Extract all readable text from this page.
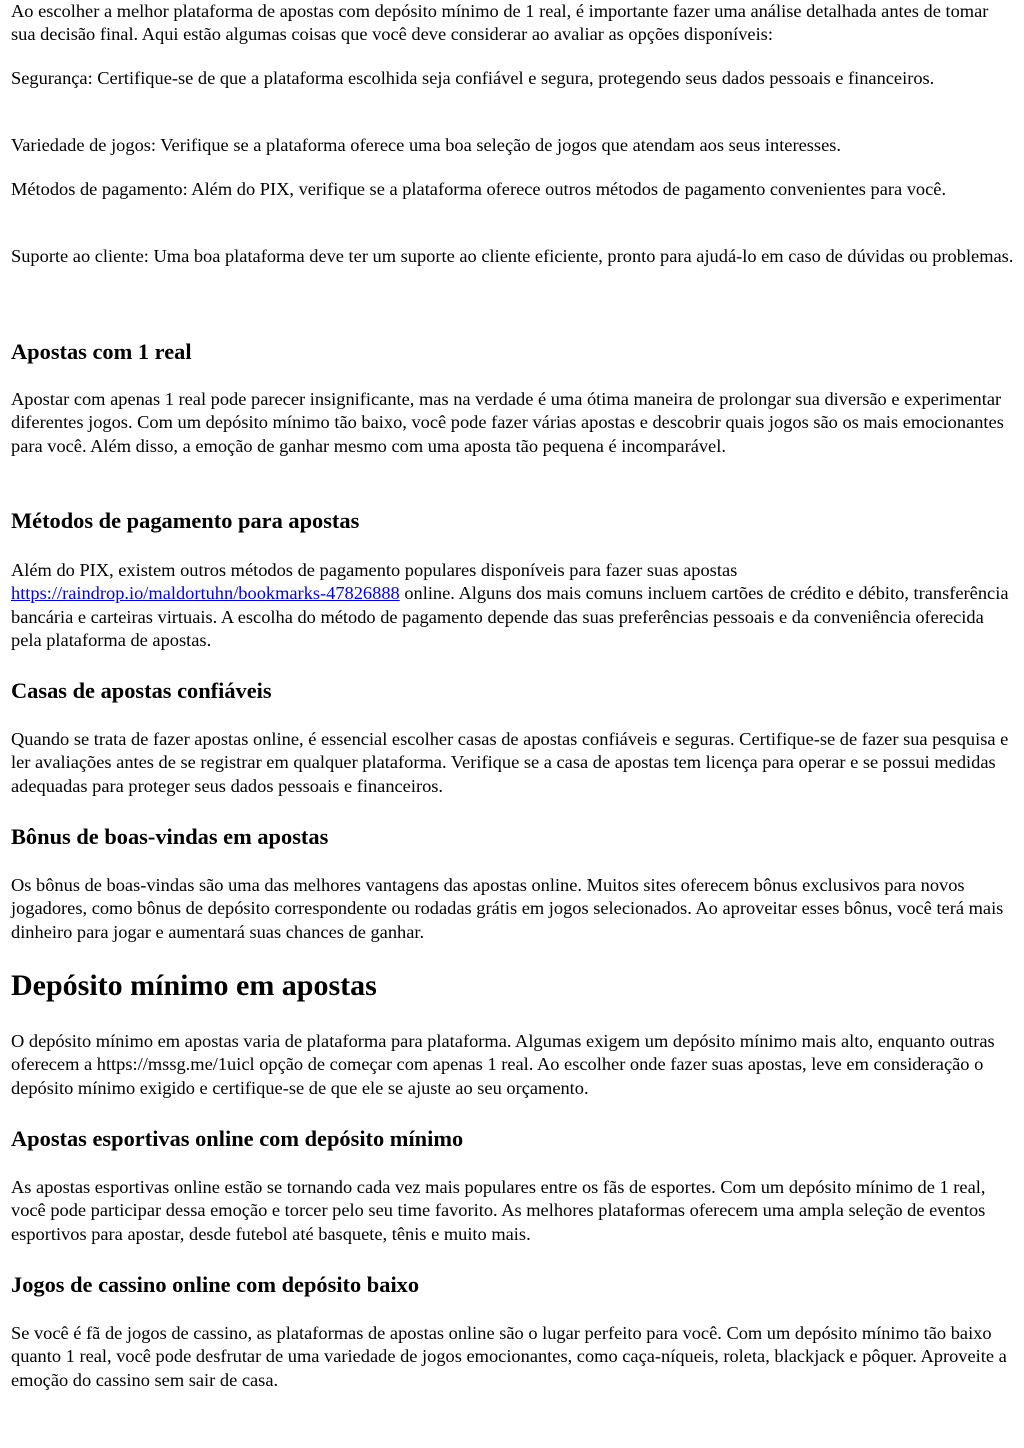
Ao escolher a melhor plataforma de apostas com depósito mínimo de 1 real, é importante fazer uma análise detalhada antes de tomar sua decisão final. Aqui estão algumas coisas que você deve considerar ao avaliar as opções disponíveis:

Segurança: Certifique-se de que a plataforma escolhida seja confiável e segura, protegendo seus dados pessoais e financeiros.

Variedade de jogos: Verifique se a plataforma oferece uma boa seleção de jogos que atendam aos seus interesses.

Métodos de pagamento: Além do PIX, verifique se a plataforma oferece outros métodos de pagamento convenientes para você.

Suporte ao cliente: Uma boa plataforma deve ter um suporte ao cliente eficiente, pronto para ajudá-lo em caso de dúvidas ou problemas.

Apostas com 1 real

Apostar com apenas 1 real pode parecer insignificante, mas na verdade é uma ótima maneira de prolongar sua diversão e experimentar diferentes jogos. Com um depósito mínimo tão baixo, você pode fazer várias apostas e descobrir quais jogos são os mais emocionantes para você. Além disso, a emoção de ganhar mesmo com uma aposta tão pequena é incomparável.

Métodos de pagamento para apostas

Além do PIX, existem outros métodos de pagamento populares disponíveis para fazer suas apostas https://raindrop.io/maldortuhn/bookmarks-47826888 online. Alguns dos mais comuns incluem cartões de crédito e débito, transferência bancária e carteiras virtuais. A escolha do método de pagamento depende das suas preferências pessoais e da conveniência oferecida pela plataforma de apostas.

Casas de apostas confiáveis

Quando se trata de fazer apostas online, é essencial escolher casas de apostas confiáveis e seguras. Certifique-se de fazer sua pesquisa e ler avaliações antes de se registrar em qualquer plataforma. Verifique se a casa de apostas tem licença para operar e se possui medidas adequadas para proteger seus dados pessoais e financeiros.

Bônus de boas-vindas em apostas

Os bônus de boas-vindas são uma das melhores vantagens das apostas online. Muitos sites oferecem bônus exclusivos para novos jogadores, como bônus de depósito correspondente ou rodadas grátis em jogos selecionados. Ao aproveitar esses bônus, você terá mais dinheiro para jogar e aumentará suas chances de ganhar.

Depósito mínimo em apostas

O depósito mínimo em apostas varia de plataforma para plataforma. Algumas exigem um depósito mínimo mais alto, enquanto outras oferecem a https://mssg.me/1uicl opção de começar com apenas 1 real. Ao escolher onde fazer suas apostas, leve em consideração o depósito mínimo exigido e certifique-se de que ele se ajuste ao seu orçamento.

Apostas esportivas online com depósito mínimo

As apostas esportivas online estão se tornando cada vez mais populares entre os fãs de esportes. Com um depósito mínimo de 1 real, você pode participar dessa emoção e torcer pelo seu time favorito. As melhores plataformas oferecem uma ampla seleção de eventos esportivos para apostar, desde futebol até basquete, tênis e muito mais.

Jogos de cassino online com depósito baixo

Se você é fã de jogos de cassino, as plataformas de apostas online são o lugar perfeito para você. Com um depósito mínimo tão baixo quanto 1 real, você pode desfrutar de uma variedade de jogos emocionantes, como caça-níqueis, roleta, blackjack e pôquer. Aproveite a emoção do cassino sem sair de casa.
